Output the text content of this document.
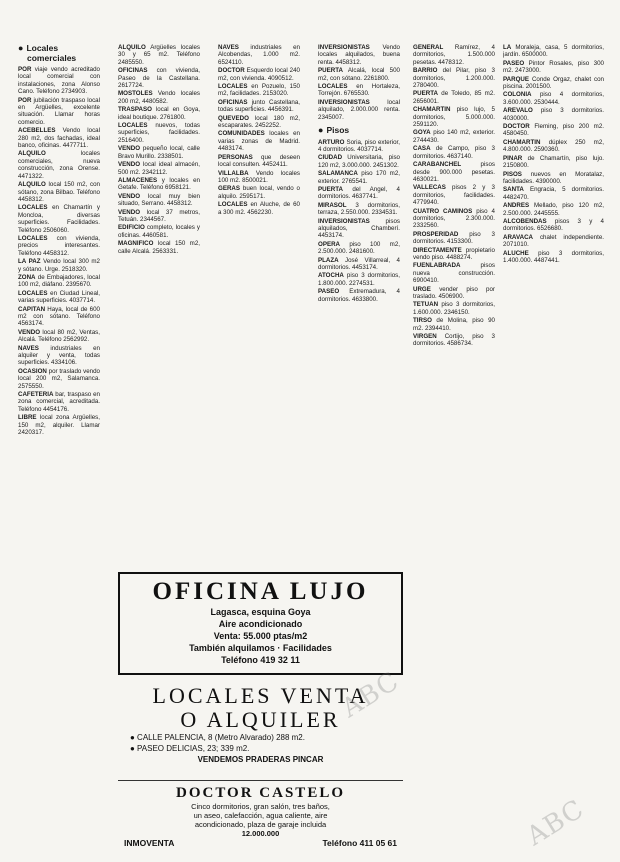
● Locales
comerciales

POR viaje vendo acreditado local comercial con instalaciones, zona Alonso Cano. Teléfono 2734903.

POR jubilación traspaso local en Argüelles, excelente situación. Llamar horas comercio.

ACEBELLES Vendo local 280 m2, dos fachadas, ideal banco, oficinas. 4477711.

ALQUILO locales comerciales, nueva construcción, zona Orense. 4471322.

ALQUILO local 150 m2, con sótano, zona Bilbao. Teléfono 4458312.

LOCALES en Chamartín y Moncloa, diversas superficies. Facilidades. Teléfono 2506060.

LOCALES con vivienda, precios interesantes. Teléfono 4458312.

LA PAZ Vendo local 300 m2 y sótano. Urge. 2518320.

ZONA de Embajadores, local 100 m2, diáfano. 2395670.

LOCALES en Ciudad Lineal, varias superficies. 4037714.

CAPITAN Haya, local de 600 m2 con sótano. Teléfono 4563174.

VENDO local 80 m2, Ventas, Alcalá. Teléfono 2562992.

NAVES industriales en alquiler y venta, todas superficies. 4334106.

OCASION por traslado vendo local 200 m2, Salamanca. 2575550.

CAFETERIA bar, traspaso en zona comercial, acreditada. Teléfono 4454176.

LIBRE local zona Argüelles, 150 m2, alquiler. Llamar 2420317.

ALQUILO Argüelles locales 30 y 65 m2. Teléfono 2485550.

OFICINAS con vivienda, Paseo de la Castellana. 2617724.

MOSTOLES Vendo locales 200 m2, 4480582.

TRASPASO local en Goya, ideal boutique. 2761800.

LOCALES nuevos, todas superficies, facilidades. 2516400.

VENDO pequeño local, calle Bravo Murillo. 2338501.

VENDO local ideal almacén, 500 m2. 2342112.

ALMACENES y locales en Getafe. Teléfono 6958121.

VENDO local muy bien situado, Serrano. 4458312.

VENDO local 37 metros, Tetuán. 2344567.

EDIFICIO completo, locales y oficinas. 4460581.

MAGNIFICO local 150 m2, calle Alcalá. 2563331.

NAVES industriales en Alcobendas, 1.000 m2. 6524110.

DOCTOR Esquerdo local 240 m2, con vivienda. 4090512.

LOCALES en Pozuelo, 150 m2, facilidades. 2153020.

OFICINAS junto Castellana, todas superficies. 4456391.

QUEVEDO local 180 m2, escaparates. 2452252.

COMUNIDADES locales en varias zonas de Madrid. 4483174.

PERSONAS que deseen local consulten. 4452411.

VILLALBA Vendo locales 100 m2. 8500021.

GERAS buen local, vendo o alquilo. 2595171.

LOCALES en Aluche, de 60 a 300 m2. 4562230.

INVERSIONISTAS Vendo locales alquilados, buena renta. 4458312.

PUERTA Alcalá, local 500 m2, con sótano. 2261800.

LOCALES en Hortaleza, Torrejón. 6765530.

INVERSIONISTAS local alquilado, 2.000.000 renta. 2345007.

● Pisos

ARTURO Soria, piso exterior, 4 dormitorios. 4037714.

CIUDAD Universitaria, piso 120 m2, 3.000.000. 2451302.

SALAMANCA piso 170 m2, exterior. 2765541.

PUERTA del Angel, 4 dormitorios. 4637741.

MIRASOL 3 dormitorios, terraza, 2.550.000. 2334531.

INVERSIONISTAS pisos alquilados, Chamberí. 4453174.

OPERA piso 100 m2, 2.500.000. 2481600.

PLAZA José Villarreal, 4 dormitorios. 4453174.

ATOCHA piso 3 dormitorios, 1.800.000. 2274531.

PASEO Extremadura, 4 dormitorios. 4633800.

GENERAL Ramírez, 4 dormitorios, 1.500.000 pesetas. 4478312.

BARRIO del Pilar, piso 3 dormitorios, 1.200.000. 2780400.

PUERTA de Toledo, 85 m2. 2656001.

CHAMARTIN piso lujo, 5 dormitorios, 5.000.000. 2591120.

GOYA piso 140 m2, exterior. 2744430.

CASA de Campo, piso 3 dormitorios. 4637140.

CARABANCHEL pisos desde 900.000 pesetas. 4630021.

VALLECAS pisos 2 y 3 dormitorios, facilidades. 4779940.

CUATRO CAMINOS piso 4 dormitorios, 2.300.000. 2332560.

PROSPERIDAD piso 3 dormitorios. 4153300.

DIRECTAMENTE propietario vendo piso. 4488274.

FUENLABRADA pisos nueva construcción. 6900410.

URGE vender piso por traslado. 4506900.

TETUAN piso 3 dormitorios, 1.600.000. 2346150.

TIRSO de Molina, piso 90 m2. 2394410.

VIRGEN Cortijo, piso 3 dormitorios. 4586734.

LA Moraleja, casa, 5 dormitorios, jardín. 6500000.

PASEO Pintor Rosales, piso 300 m2. 2473000.

PARQUE Conde Orgaz, chalet con piscina. 2001500.

COLONIA piso 4 dormitorios, 3.600.000. 2530444.

AREVALO piso 3 dormitorios. 4030000.

DOCTOR Fleming, piso 200 m2. 4580450.

CHAMARTIN dúplex 250 m2, 4.800.000. 2590360.

PINAR de Chamartín, piso lujo. 2150800.

PISOS nuevos en Moratalaz, facilidades. 4390000.

SANTA Engracia, 5 dormitorios. 4482470.

ANDRES Mellado, piso 120 m2, 2.500.000. 2445555.

ALCOBENDAS pisos 3 y 4 dormitorios. 6526680.

ARAVACA chalet independiente. 2071010.

ALUCHE piso 3 dormitorios, 1.400.000. 4487441.

OFICINA LUJO
Lagasca, esquina Goya
Aire acondicionado
Venta: 55.000 ptas/m2
También alquilamos · Facilidades
Teléfono 419 32 11
LOCALES VENTA
O ALQUILER
● CALLE PALENCIA, 8 (Metro Alvarado) 288 m2.
● PASEO DELICIAS, 23; 339 m2.
VENDEMOS PRADERAS PINCAR
DOCTOR CASTELO
Cinco dormitorios, gran salón, tres baños,
un aseo, calefacción, agua caliente, aire
acondicionado, plaza de garaje incluida
12.000.000
INMOVENTA	Teléfono 411 05 61
ABC
ABC
